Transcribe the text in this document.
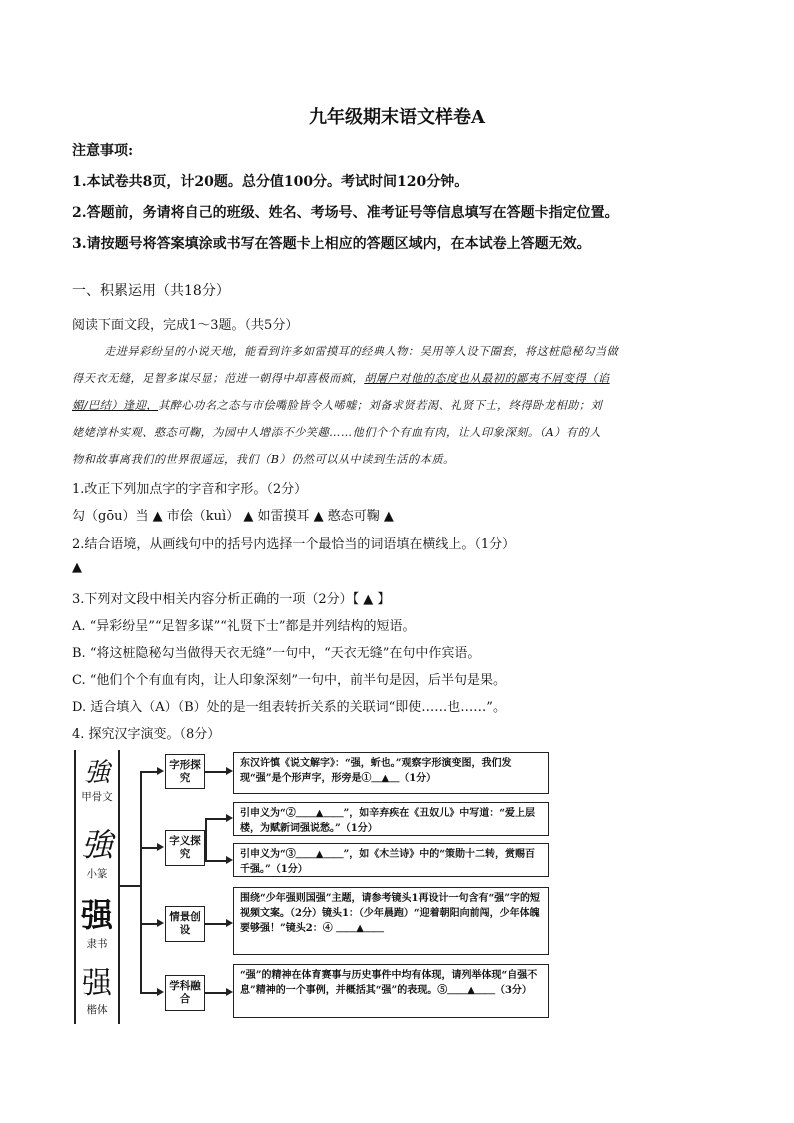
九年级期末语文样卷A
注意事项:
1.本试卷共8页，计20题。总分值100分。考试时间120分钟。
2.答题前，务请将自己的班级、姓名、考场号、准考证号等信息填写在答题卡指定位置。
3.请按题号将答案填涂或书写在答题卡上相应的答题区域内，在本试卷上答题无效。
一、积累运用（共18分）
阅读下面文段，完成1～3题。（共5分）
走进异彩纷呈的小说天地，能看到许多如雷摸耳的经典人物：吴用等人设下圈套，将这桩隐秘勾当做
得天衣无缝，足智多谋尽显；范进一朝得中却喜极而疯，胡屠户对他的态度也从最初的鄙夷不屑变得（谄
媚/巴结）逢迎，其醉心功名之态与市侩嘴脸皆令人唏嘘；刘备求贤若渴、礼贤下士，终得卧龙相助；刘
姥姥淳朴实观、憨态可鞠，为园中人增添不少笑趣……他们个个有血有肉，让人印象深刻。（A）有的人
物和故事离我们的世界很遥远，我们（B）仍然可以从中读到生活的本质。
1.改正下列加点字的字音和字形。（2分）
勾（gōu）当 ▲ 市侩（kuì） ▲ 如雷摸耳 ▲ 憨态可鞠 ▲
2.结合语境，从画线句中的括号内选择一个最恰当的词语填在横线上。（1分）
▲
3.下列对文段中相关内容分析正确的一项（2分）【 ▲ 】
A. “异彩纷呈”“足智多谋”“礼贤下士”都是并列结构的短语。
B. “将这桩隐秘勾当做得天衣无缝”一句中，“天衣无缝”在句中作宾语。
C. “他们个个有血有肉，让人印象深刻”一句中，前半句是因，后半句是果。
D. 适合填入（A）（B）处的是一组表转折关系的关联词“即使……也……”。
4. 探究汉字演变。（8分）
強
甲骨文
強
小篆
强
隶书
强
楷体
字形探究
东汉许慎《说文解字》：“强，蚚也。”观察字形演变图，我们发现“强”是个形声字，形旁是①＿▲＿（1分）
字义探究
引申义为“②＿＿▲＿＿”，如辛弃疾在《丑奴儿》中写道：“爱上层楼，为赋新词强说愁。”（1分）
引申义为“③＿＿▲＿＿”，如《木兰诗》中的“策勋十二转，赏赐百千强。”（1分）
情景创设
围绕“少年强则国强”主题，请参考镜头1再设计一句含有“强”字的短视频文案。（2分）镜头1：（少年晨跑）“迎着朝阳向前闯，少年体魄要够强！”镜头2：④ ＿＿▲＿＿
学科融合
“强”的精神在体育赛事与历史事件中均有体现，请列举体现“自强不息”精神的一个事例，并概括其“强”的表现。⑤＿＿▲＿＿（3分）
